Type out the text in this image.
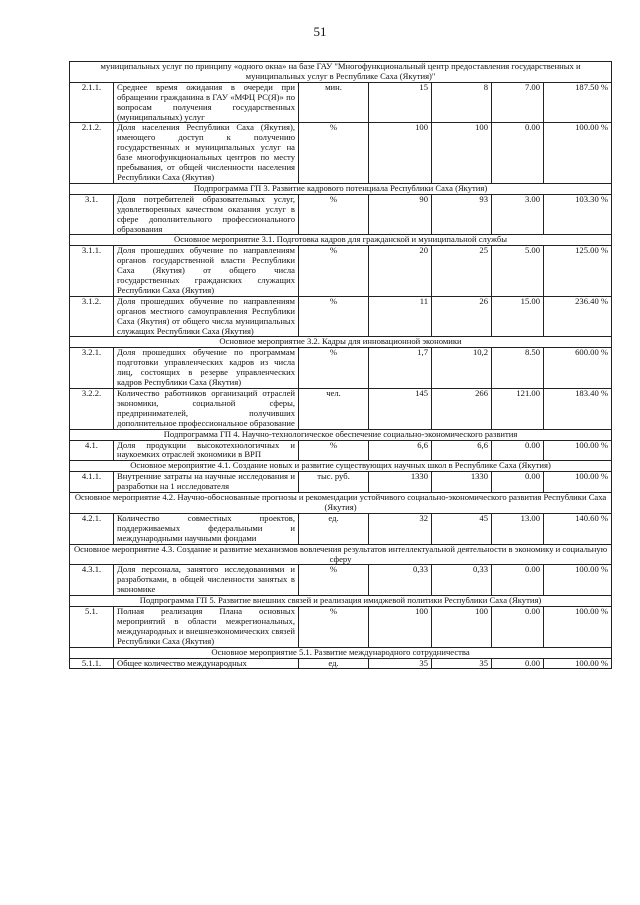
51
муниципальных услуг по принципу «одного окна» на базе ГАУ "Многофункциональный центр предоставления государственных и муниципальных услуг в Республике Саха (Якутия)"						
2.1.1.	Среднее время ожидания в очереди при обращении гражданина в ГАУ «МФЦ РС(Я)» по вопросам получения государственных (муниципальных) услуг	мин.	15	8	7.00	187.50 %
2.1.2.	Доля населения Республики Саха (Якутия), имеющего доступ к получению государственных и муниципальных услуг на базе многофункциональных центров по месту пребывания, от общей численности населения Республики Саха (Якутия)	%	100	100	0.00	100.00 %
Подпрограмма ГП 3. Развитие кадрового потенциала Республики Саха (Якутия)						
3.1.	Доля потребителей образовательных услуг, удовлетворенных качеством оказания услуг в сфере дополнительного профессионального образования	%	90	93	3.00	103.30 %
Основное мероприятие 3.1. Подготовка кадров для гражданской и муниципальной службы						
3.1.1.	Доля прошедших обучение по направлениям органов государственной власти Республики Саха (Якутия) от общего числа государственных гражданских служащих Республики Саха (Якутия)	%	20	25	5.00	125.00 %
3.1.2.	Доля прошедших обучение по направлениям органов местного самоуправления Республики Саха (Якутия) от общего числа муниципальных служащих Республики Саха (Якутия)	%	11	26	15.00	236.40 %
Основное мероприятие 3.2. Кадры для инновационной экономики						
3.2.1.	Доля прошедших обучение по программам подготовки управленческих кадров из числа лиц, состоящих в резерве управленческих кадров Республики Саха (Якутия)	%	1,7	10,2	8.50	600.00 %
3.2.2.	Количество работников организаций отраслей экономики, социальной сферы, предпринимателей, получивших дополнительное профессиональное образование	чел.	145	266	121.00	183.40 %
Подпрограмма ГП 4. Научно-технологическое обеспечение социально-экономического развития						
4.1.	Доля продукции высокотехнологичных и наукоемких отраслей экономики в ВРП	%	6,6	6,6	0.00	100.00 %
Основное мероприятие 4.1. Создание новых и развитие существующих научных школ в Республике Саха (Якутия)						
4.1.1.	Внутренние затраты на научные исследования и разработки на 1 исследователя	тыс. руб.	1330	1330	0.00	100.00 %
Основное мероприятие 4.2. Научно-обоснованные прогнозы и рекомендации устойчивого социально-экономического развития Республики Саха (Якутия)						
4.2.1.	Количество совместных проектов, поддерживаемых федеральными и международными научными фондами	ед.	32	45	13.00	140.60 %
Основное мероприятие 4.3. Создание и развитие механизмов вовлечения результатов интеллектуальной деятельности в экономику и социальную сферу						
4.3.1.	Доля персонала, занятого исследованиями и разработками, в общей численности занятых в экономике	%	0,33	0,33	0.00	100.00 %
Подпрограмма ГП 5. Развитие внешних связей и реализация имиджевой политики Республики Саха (Якутия)						
5.1.	Полная реализация Плана основных мероприятий в области межрегиональных, международных и внешнеэкономических связей Республики Саха (Якутия)	%	100	100	0.00	100.00 %
Основное мероприятие 5.1. Развитие международного сотрудничества						
5.1.1.	Общее количество международных	ед.	35	35	0.00	100.00 %
